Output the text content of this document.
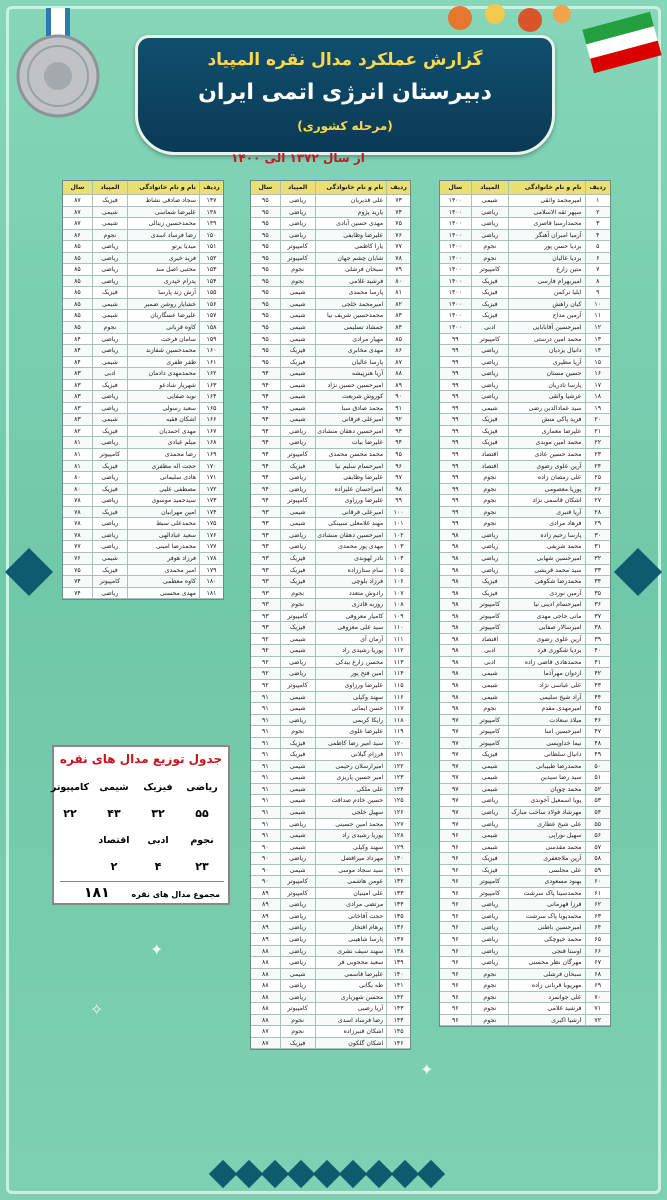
گزارش عملکرد مدال نقره المپیاد
دبیرستان انرژی اتمی ایران
(مرحله کشوری)
از سال ۱۳۷۲ الی ۱۴۰۰
ردیف
نام و نام خانوادگی
المپیاد
سال
۱
امیرمحمد واثقی
شیمی
۱۴۰۰
۲
سپهر ثقه الاسلامی
ریاضی
۱۴۰۰
۳
محمدارسیا قاصری
ریاضی
۱۴۰۰
۴
آرمیا امیران آهنگر
ریاضی
۱۴۰۰
۵
بردیا حسن پور
نجوم
۱۴۰۰
۶
بردیا عالیان
نجوم
۱۴۰۰
۷
متین زارع
کامپیوتر
۱۴۰۰
۸
امیربهرام فارسی
فیزیک
۱۴۰۰
۹
ایلیا ترکمن
فیزیک
۱۴۰۰
۱۰
کیان راهش
فیزیک
۱۴۰۰
۱۱
آرمین مداح
فیزیک
۱۴۰۰
۱۲
امیرحسین آقابابایی
ادبی
۱۴۰۰
۱۳
محمد امین درستی
کامپیوتر
۹۹
۱۴
دانیال یزدیان
ریاضی
۹۹
۱۵
آریا مطیری
ریاضی
۹۹
۱۶
حسین مستان
ریاضی
۹۹
۱۷
پارسا نادریان
ریاضی
۹۹
۱۸
عرشیا واثقی
ریاضی
۹۹
۱۹
سید عمادالدین رضی
شیمی
۹۹
۲۰
فرید پاکی منش
فیزیک
۹۹
۲۱
علیرضا معماری
فیزیک
۹۹
۲۲
محمد امین موبدی
فیزیک
۹۹
۲۳
محمد حسین عادی
اقتصاد
۹۹
۲۴
آرین علوی رضوی
اقتصاد
۹۹
۲۵
علی رمضان زاده
نجوم
۹۹
۲۶
پوریا معصومی
نجوم
۹۹
۲۷
اشکان قاسمی نژاد
نجوم
۹۹
۲۸
آریا قنبری
نجوم
۹۹
۲۹
فرهاد مرادی
نجوم
۹۹
۳۰
پارسا رحیم زاده
ریاضی
۹۸
۳۱
محمد شریفی
ریاضی
۹۸
۳۲
امیرحسین شهابی
ریاضی
۹۸
۳۳
سید محمد قریشی
ریاضی
۹۸
۳۴
محمدرضا شکوهی
فیزیک
۹۸
۳۵
آرمین نوردی
فیزیک
۹۸
۳۶
امیرحسام ادیبی نیا
کامپیوتر
۹۸
۳۷
مانی حاجی مهدی
کامپیوتر
۹۸
۳۸
امیرسالار صفایی
کامپیوتر
۹۸
۳۹
آرین علوی رضوی
اقتصاد
۹۸
۴۰
بردیا شکوری فرد
ادبی
۹۸
۴۱
محمدهادی قاضی زاده
ادبی
۹۸
۴۲
اردوان مهرآذما
شیمی
۹۸
۴۳
علی عباسی نژاد
شیمی
۹۸
۴۴
آراد شیخ سلیمی
شیمی
۹۸
۴۵
امیرمهدی مقدم
نجوم
۹۸
۴۶
میلاد سعادت
کامپیوتر
۹۷
۴۷
امیرحسین اسا
کامپیوتر
۹۷
۴۸
نیما خداویسی
کامپیوتر
۹۷
۴۹
دانیال سلطانی
فیزیک
۹۷
۵۰
محمدرضا طبیبانی
شیمی
۹۷
۵۱
سید رضا سیدین
شیمی
۹۷
۵۲
محمد چوپان
شیمی
۹۷
۵۳
پویا اسمعیل آخوندی
ریاضی
۹۷
۵۴
مهرشاد فولاد ساحب مبارک
ریاضی
۹۷
۵۵
علی شیخ عطاری
ریاضی
۹۷
۵۶
سهیل نوراپی
شیمی
۹۶
۵۷
محمد مقدسی
شیمی
۹۶
۵۸
آرین ملاجعفری
فیزیک
۹۶
۵۹
علی مجلسی
فیزیک
۹۶
۶۰
بهنود مسعودی
کامپیوتر
۹۶
۶۱
محمدسینا پاک سرشت
کامپیوتر
۹۶
۶۲
فرزا قهرمانی
ریاضی
۹۶
۶۳
محمدپویا پاک سرشت
ریاضی
۹۶
۶۴
امیرحسین باطنی
ریاضی
۹۶
۶۵
محمد خیوچکی
ریاضی
۹۶
۶۶
اوستا قنجی
ریاضی
۹۶
۶۷
مهرگان نظر محسنی
ریاضی
۹۶
۶۸
سبحان فرشلی
نجوم
۹۶
۶۹
مهرپویا قربانی زاده
نجوم
۹۶
۷۰
علی جوانمرد
نجوم
۹۶
۷۱
فرشید غلامی
نجوم
۹۶
۷۲
ارشیا اکبری
نجوم
۹۶
ردیف
نام و نام خانوادگی
المپیاد
سال
۷۳
علی قدیریان
ریاضی
۹۵
۷۴
یارید پژوم
ریاضی
۹۵
۷۵
مهدی حسین آبادی
ریاضی
۹۵
۷۶
علیرضا وظایفی
ریاضی
۹۵
۷۷
یارا کاظمی
کامپیوتر
۹۵
۷۸
شایان چشم جهان
کامپیوتر
۹۵
۷۹
سبحان فرشلی
نجوم
۹۵
۸۰
فرشید غلامی
نجوم
۹۵
۸۱
پارسا محمدی
شیمی
۹۵
۸۲
امیرمحمد خلجی
شیمی
۹۵
۸۳
محمدحسین شریف نیا
شیمی
۹۵
۸۴
جمشاد تسلیمی
شیمی
۹۵
۸۵
مهیار مرادی
شیمی
۹۵
۸۶
مهدی مخابری
فیزیک
۹۵
۸۷
پارسا عالیان
فیزیک
۹۵
۸۸
آریا هنرپیشه
شیمی
۹۴
۸۹
امیرحسین حسین نژاد
شیمی
۹۴
۹۰
کوروش شریعت
شیمی
۹۴
۹۱
محمد صادق سبا
شیمی
۹۴
۹۲
امیرعلی فرقانی
شیمی
۹۴
۹۳
امیرحسین دهقان منشادی
ریاضی
۹۴
۹۴
علیرضا بیات
ریاضی
۹۴
۹۵
محمد محسن محمدی
کامپیوتر
۹۴
۹۶
امیرحسام سلیم نیا
فیزیک
۹۴
۹۷
علیرضا وظایفی
ریاضی
۹۴
۹۸
امیراحسان علیزاده
ریاضی
۹۴
۹۹
علیرضا ورزاوی
کامپیوتر
۹۴
۱۰۰
امیرعلی فرقانی
شیمی
۹۳
۱۰۱
مهند غلامعلی سبینکی
شیمی
۹۳
۱۰۲
امیرحسین دهقان منشادی
ریاضی
۹۳
۱۰۳
مهدی پور محمدی
ریاضی
۹۳
۱۰۴
نادر لهوندی
فیزیک
۹۳
۱۰۵
سام ستارزاده
فیزیک
۹۳
۱۰۶
فرزاد بلوچی
فیزیک
۹۳
۱۰۷
رادوش متعدد
نجوم
۹۳
۱۰۸
روزبه قادری
نجوم
۹۳
۱۰۹
کامیار معروفی
کامپیوتر
۹۳
۱۱۰
سید علی معروفی
فیزیک
۹۳
۱۱۱
آرمان آی
شیمی
۹۲
۱۱۲
پوریا رشیدی راد
شیمی
۹۲
۱۱۳
محسن زارع بیدکی
ریاضی
۹۲
۱۱۴
امین فتح پور
ریاضی
۹۲
۱۱۵
علیرضا ورزاوی
کامپیوتر
۹۲
۱۱۶
سهند وکیلی
شیمی
۹۱
۱۱۷
حسن ایمانی
شیمی
۹۱
۱۱۸
رایکا کریمی
ریاضی
۹۱
۱۱۹
علیرضا علوی
نجوم
۹۱
۱۲۰
سید امیر رضا کاظمی
فیزیک
۹۱
۱۲۱
فرزام گیلانی
فیزیک
۹۱
۱۲۲
امیرارسلان رحیمی
شیمی
۹۱
۱۲۳
امیر حسین پاریزی
شیمی
۹۱
۱۲۴
علی ملکی
شیمی
۹۱
۱۲۵
حسین خادم صداقت
شیمی
۹۱
۱۲۶
سهیل خلجی
شیمی
۹۱
۱۲۷
محمد امین حسینی
ریاضی
۹۱
۱۲۸
پوریا رشیدی راد
شیمی
۹۱
۱۲۹
سهند وکیلی
شیمی
۹۰
۱۳۰
مهرداد میرافضل
ریاضی
۹۰
۱۳۱
سید سجاد موسی
شیمی
۹۰
۱۳۲
عومن هاشمی
کامپیوتر
۹۰
۱۳۳
علی امینیان
کامپیوتر
۸۹
۱۳۴
مرتضی مرادی
ریاضی
۸۹
۱۳۵
حجت آقاخانی
ریاضی
۸۹
۱۳۶
پرهام افتخار
ریاضی
۸۹
۱۳۷
پارسا شاهینی
ریاضی
۸۹
۱۳۸
سهند سیف نشری
ریاضی
۸۸
۱۳۹
سعید محجوبی فر
ریاضی
۸۸
۱۴۰
علیرضا قاسمی
شیمی
۸۸
۱۴۱
طه یگانی
ریاضی
۸۸
۱۴۲
محسن شهریاری
ریاضی
۸۸
۱۴۳
آریا رضیی
کامپیوتر
۸۸
۱۴۴
رضا فرساد اسدی
نجوم
۸۸
۱۴۵
اشکان قنبرزاده
نجوم
۸۷
۱۴۶
اشکان گلکون
فیزیک
۸۷
ردیف
نام و نام خانوادگی
المپیاد
سال
۱۴۷
سجاد صادقی نشاط
فیزیک
۸۷
۱۴۸
علیرضا شماسی
شیمی
۸۷
۱۴۹
محمدحسین زینالی
شیمی
۸۷
۱۵۰
رضا فرساد اسدی
نجوم
۸۶
۱۵۱
میدیا یرتو
ریاضی
۸۵
۱۵۲
فرید خیری
ریاضی
۸۵
۱۵۳
محتبی اصل مند
ریاضی
۸۵
۱۵۴
پدرام خیدری
ریاضی
۸۵
۱۵۵
آرش زند پارسا
فیزیک
۸۵
۱۵۶
خشایار روشن ضمیر
شیمی
۸۵
۱۵۷
علیرضا عسگاریان
شیمی
۸۵
۱۵۸
کاوه قربانی
نجوم
۸۵
۱۵۹
سامان فرحت
ریاضی
۸۴
۱۶۰
محمدحسین شفازند
ریاضی
۸۴
۱۶۱
ظفر ظفری
شیمی
۸۴
۱۶۲
محمدمهدی دادمان
ادبی
۸۳
۱۶۳
شهریار شادعو
فیزیک
۸۳
۱۶۴
نوید صفایی
ریاضی
۸۳
۱۶۵
سعید رسولی
ریاضی
۸۳
۱۶۶
اشکان فقیه
شیمی
۸۳
۱۶۷
مهدی احمدیان
فیزیک
۸۲
۱۶۸
میلم عبادی
ریاضی
۸۱
۱۶۹
رضا محمدی
کامپیوتر
۸۱
۱۷۰
حجت اله مظفری
فیزیک
۸۱
۱۷۱
هادی سلیمانی
ریاضی
۸۰
۱۷۲
مصطفی علیی
فیزیک
۸۰
۱۷۳
سیدحمید موسوی
ریاضی
۷۸
۱۷۴
امین مهرابیان
فیزیک
۷۸
۱۷۵
محمدعلی سبط
ریاضی
۷۸
۱۷۶
سعید عبادالهی
ریاضی
۷۸
۱۷۷
محمدرضا امینی
ریاضی
۷۷
۱۷۸
فرزاد هوفر
شیمی
۷۶
۱۷۹
امیر محمدی
فیزیک
۷۵
۱۸۰
کاوه معظمی
کامپیوتر
۷۴
۱۸۱
مهدی محسنی
ریاضی
۷۴
جدول توزیع مدال های نقره
ریاضی
فیزیک
شیمی
کامپیوتر
۵۵
۳۲
۴۳
۲۲
نجوم
ادبی
اقتصاد
۲۳
۴
۲
مجموع مدال های نقره
۱۸۱
✦
✦
✧
